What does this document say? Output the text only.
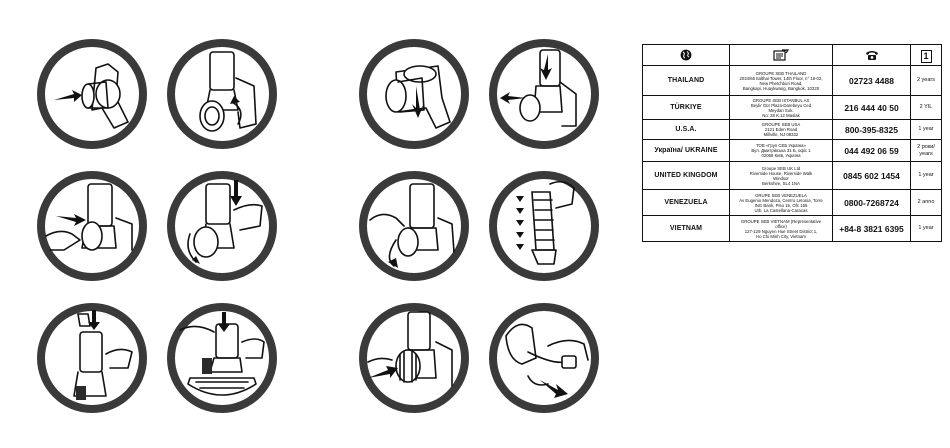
	1
THAILAND	GROUPE SEB THAILAND
2034/66 Italthai Tower, 14th Floor, n° 16-02,
New Phetchburi Road,
Bangkapi, Huaykwang, Bangkok, 10320	02723 4488	2 years
TÜRKIYE	GROUPE SEB ISTANBUL AS
Beylir Gür Plaza-Darebeyu Ced
Meydan Sok.
No: 28 K.12 Maslak	216 444 40 50	2 YIL
U.S.A.	GROUPE SEB USA
2121 Eden Road
Millville, NJ 08332	800-395-8325	1 year
Україна/ UKRAINE	ТОВ «Груп СЕБ Україна»
Вул. Дмитрівська 31 Б, офіс 1
02068 Київ, Україна	044 492 06 59	2 роки/ years
UNITED KINGDOM	Groupe SEB UK Ltd
Riverside House, Riverside Walk
Windsor
Berkshire, SL4 1NA	0845 602 1454	1 year
VENEZUELA	GRUPE SEB VENEZUELA
Av Eugenio Mendoza, Centro Letonia, Torre
ING Bank, Piso 15, Ofc 155
Urb. La Castellana-Caracas	0800-7268724	2 anno
VIETNAM	GROUPE SEB VIETNAM (Representative
office)
127-129 Nguyen Hue Street District 1,
Ho Chi Minh City, Vietnam	+84-8 3821 6395	1 year
